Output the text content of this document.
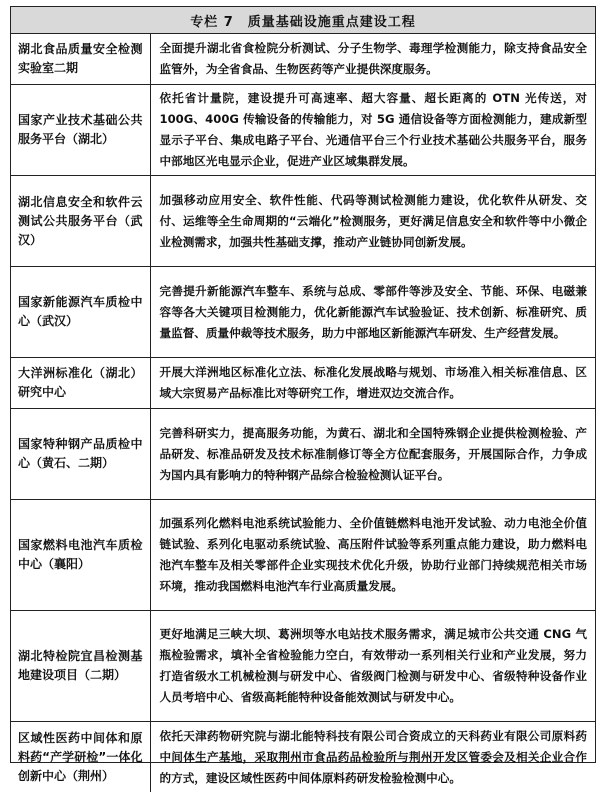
专栏 7　质量基础设施重点建设工程	
湖北食品质量安全检测实验室二期	全面提升湖北省食检院分析测试、分子生物学、毒理学检测能力，除支持食品安全监管外，为全省食品、生物医药等产业提供深度服务。
国家产业技术基础公共服务平台（湖北）	依托省计量院，建设提升可高速率、超大容量、超长距离的 OTN 光传送，对 100G、400G 传输设备的传输能力，对 5G 通信设备等方面检测能力，建成新型显示子平台、集成电路子平台、光通信平台三个行业技术基础公共服务平台，服务中部地区光电显示企业，促进产业区域集群发展。
湖北信息安全和软件云测试公共服务平台（武汉）	加强移动应用安全、软件性能、代码等测试检测能力建设，优化软件从研发、交付、运维等全生命周期的“云端化”检测服务，更好满足信息安全和软件等中小微企业检测需求，加强共性基础支撑，推动产业链协同创新发展。
国家新能源汽车质检中心（武汉）	完善提升新能源汽车整车、系统与总成、零部件等涉及安全、节能、环保、电磁兼容等各大关键项目检测能力，优化新能源汽车试验验证、技术创新、标准研究、质量监督、质量仲裁等技术服务，助力中部地区新能源汽车研发、生产经营发展。
大洋洲标准化（湖北）研究中心	开展大洋洲地区标准化立法、标准化发展战略与规划、市场准入相关标准信息、区域大宗贸易产品标准比对等研究工作，增进双边交流合作。
国家特种钢产品质检中心（黄石、二期）	完善科研实力，提高服务功能，为黄石、湖北和全国特殊钢企业提供检测检验、产品研发、标准品研发及技术标准制修订等全方位配套服务，开展国际合作，力争成为国内具有影响力的特种钢产品综合检验检测认证平台。
国家燃料电池汽车质检中心（襄阳）	加强系列化燃料电池系统试验能力、全价值链燃料电池开发试验、动力电池全价值链试验、系列化电驱动系统试验、高压附件试验等系列重点能力建设，助力燃料电池汽车整车及相关零部件企业实现技术优化升级，协助行业部门持续规范相关市场环境，推动我国燃料电池汽车行业高质量发展。
湖北特检院宜昌检测基地建设项目（二期）	更好地满足三峡大坝、葛洲坝等水电站技术服务需求，满足城市公共交通 CNG 气瓶检验需求，填补全省检验能力空白，有效带动一系列相关行业和产业发展，努力打造省级水工机械检测与研发中心、省级阀门检测与研发中心、省级特种设备作业人员考培中心、省级高耗能特种设备能效测试与研发中心。
区域性医药中间体和原料药“产学研检”一体化创新中心（荆州）	依托天津药物研究院与湖北能特科技有限公司合资成立的天科药业有限公司原料药中间体生产基地，采取荆州市食品药品检验所与荆州开发区管委会及相关企业合作的方式，建设区域性医药中间体原料药研发检验检测中心。
